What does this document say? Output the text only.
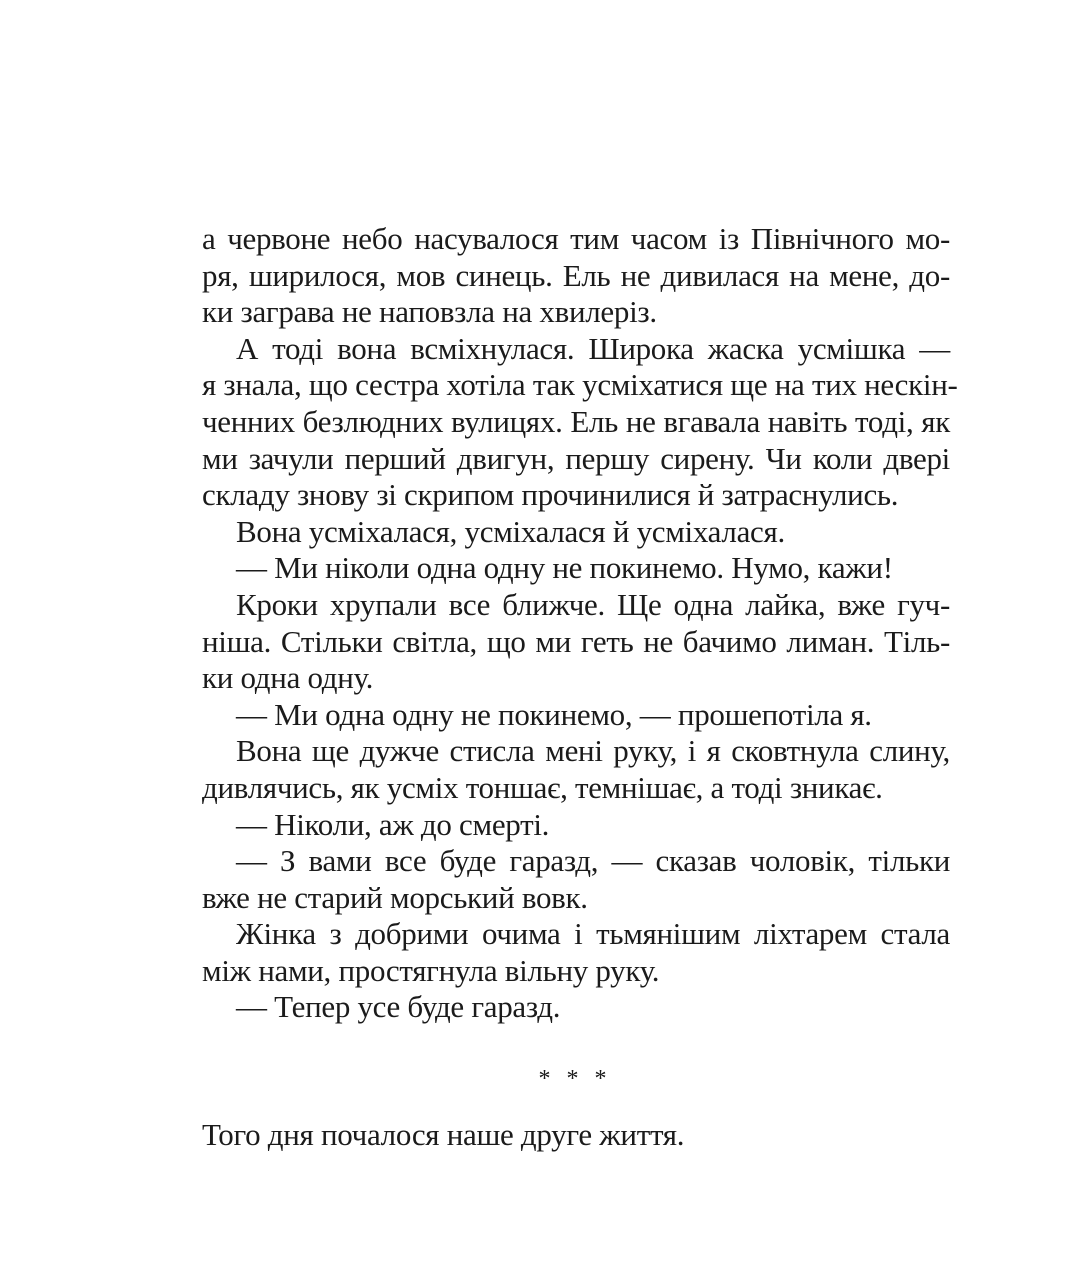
а червоне небо насувалося тим часом із Північного мо-
ря, ширилося, мов синець. Ель не дивилася на мене, до-
ки заграва не наповзла на хвилеріз.
А тоді вона всміхнулася. Широка жаска усмішка —
я знала, що сестра хотіла так усміхатися ще на тих нескін-
ченних безлюдних вулицях. Ель не вгавала навіть тоді, як
ми зачули перший двигун, першу сирену. Чи коли двері
складу знову зі скрипом прочинилися й затраснулись.
Вона усміхалася, усміхалася й усміхалася.
— Ми ніколи одна одну не покинемо. Нумо, кажи!
Кроки хрупали все ближче. Ще одна лайка, вже гуч-
ніша. Стільки світла, що ми геть не бачимо лиман. Тіль-
ки одна одну.
— Ми одна одну не покинемо, — прошепотіла я.
Вона ще дужче стисла мені руку, і я сковтнула слину,
дивлячись, як усміх тоншає, темнішає, а тоді зникає.
— Ніколи, аж до смерті.
— З вами все буде гаразд, — сказав чоловік, тільки
вже не старий морський вовк.
Жінка з добрими очима і тьмянішим ліхтарем стала
між нами, простягнула вільну руку.
— Тепер усе буде гаразд.
* * *
Того дня почалося наше друге життя.
